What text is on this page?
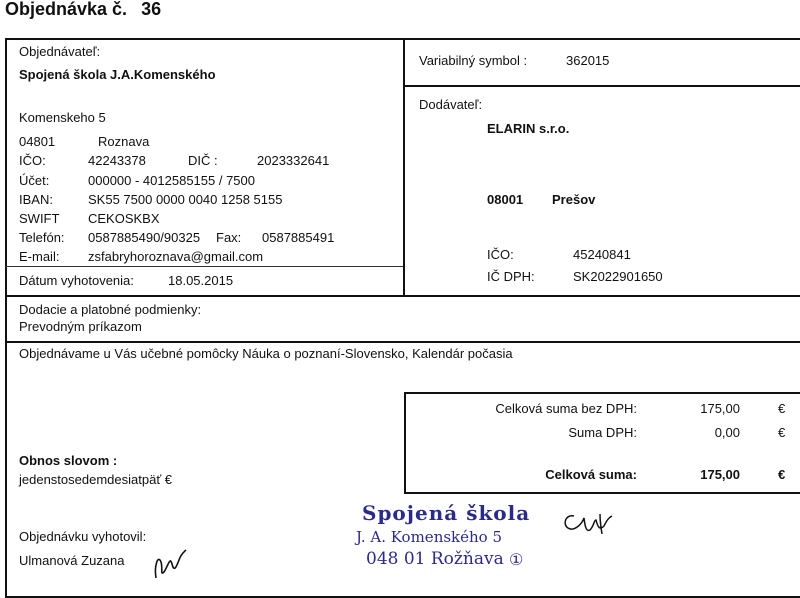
Objednávka č. 36
Objednávateľ:
Spojená škola J.A.Komenského
Komenskeho 5
04801	Roznava
IČO:	42243378	DIČ :	2023332641
Účet:	000000 - 4012585155 / 7500
IBAN:	SK55 7500 0000 0040 1258 5155
SWIFT CEKOSKBX
Telefón: 0587885490/90325 Fax: 0587885491
E-mail: zsfabryhoroznava@gmail.com
Dátum vyhotovenia:	18.05.2015
Variabilný symbol :	362015
Dodávateľ:
ELARIN s.r.o.
08001 Prešov
IČO:	45240841
IČ DPH:	SK2022901650
Dodacie a platobné podmienky:
Prevodným príkazom
Objednávame u Vás učebné pomôcky Náuka o poznaní-Slovensko, Kalendár počasia
Celková suma bez DPH:	175,00	€
Suma DPH:	0,00	€
Celková suma:	175,00	€
Obnos slovom :
jedenstosedemdesiatpäť €
Objednávku vyhotovil:
Ulmanová Zuzana
Spojená škola
J. A. Komenského 5
048 01 Rožňava ①
